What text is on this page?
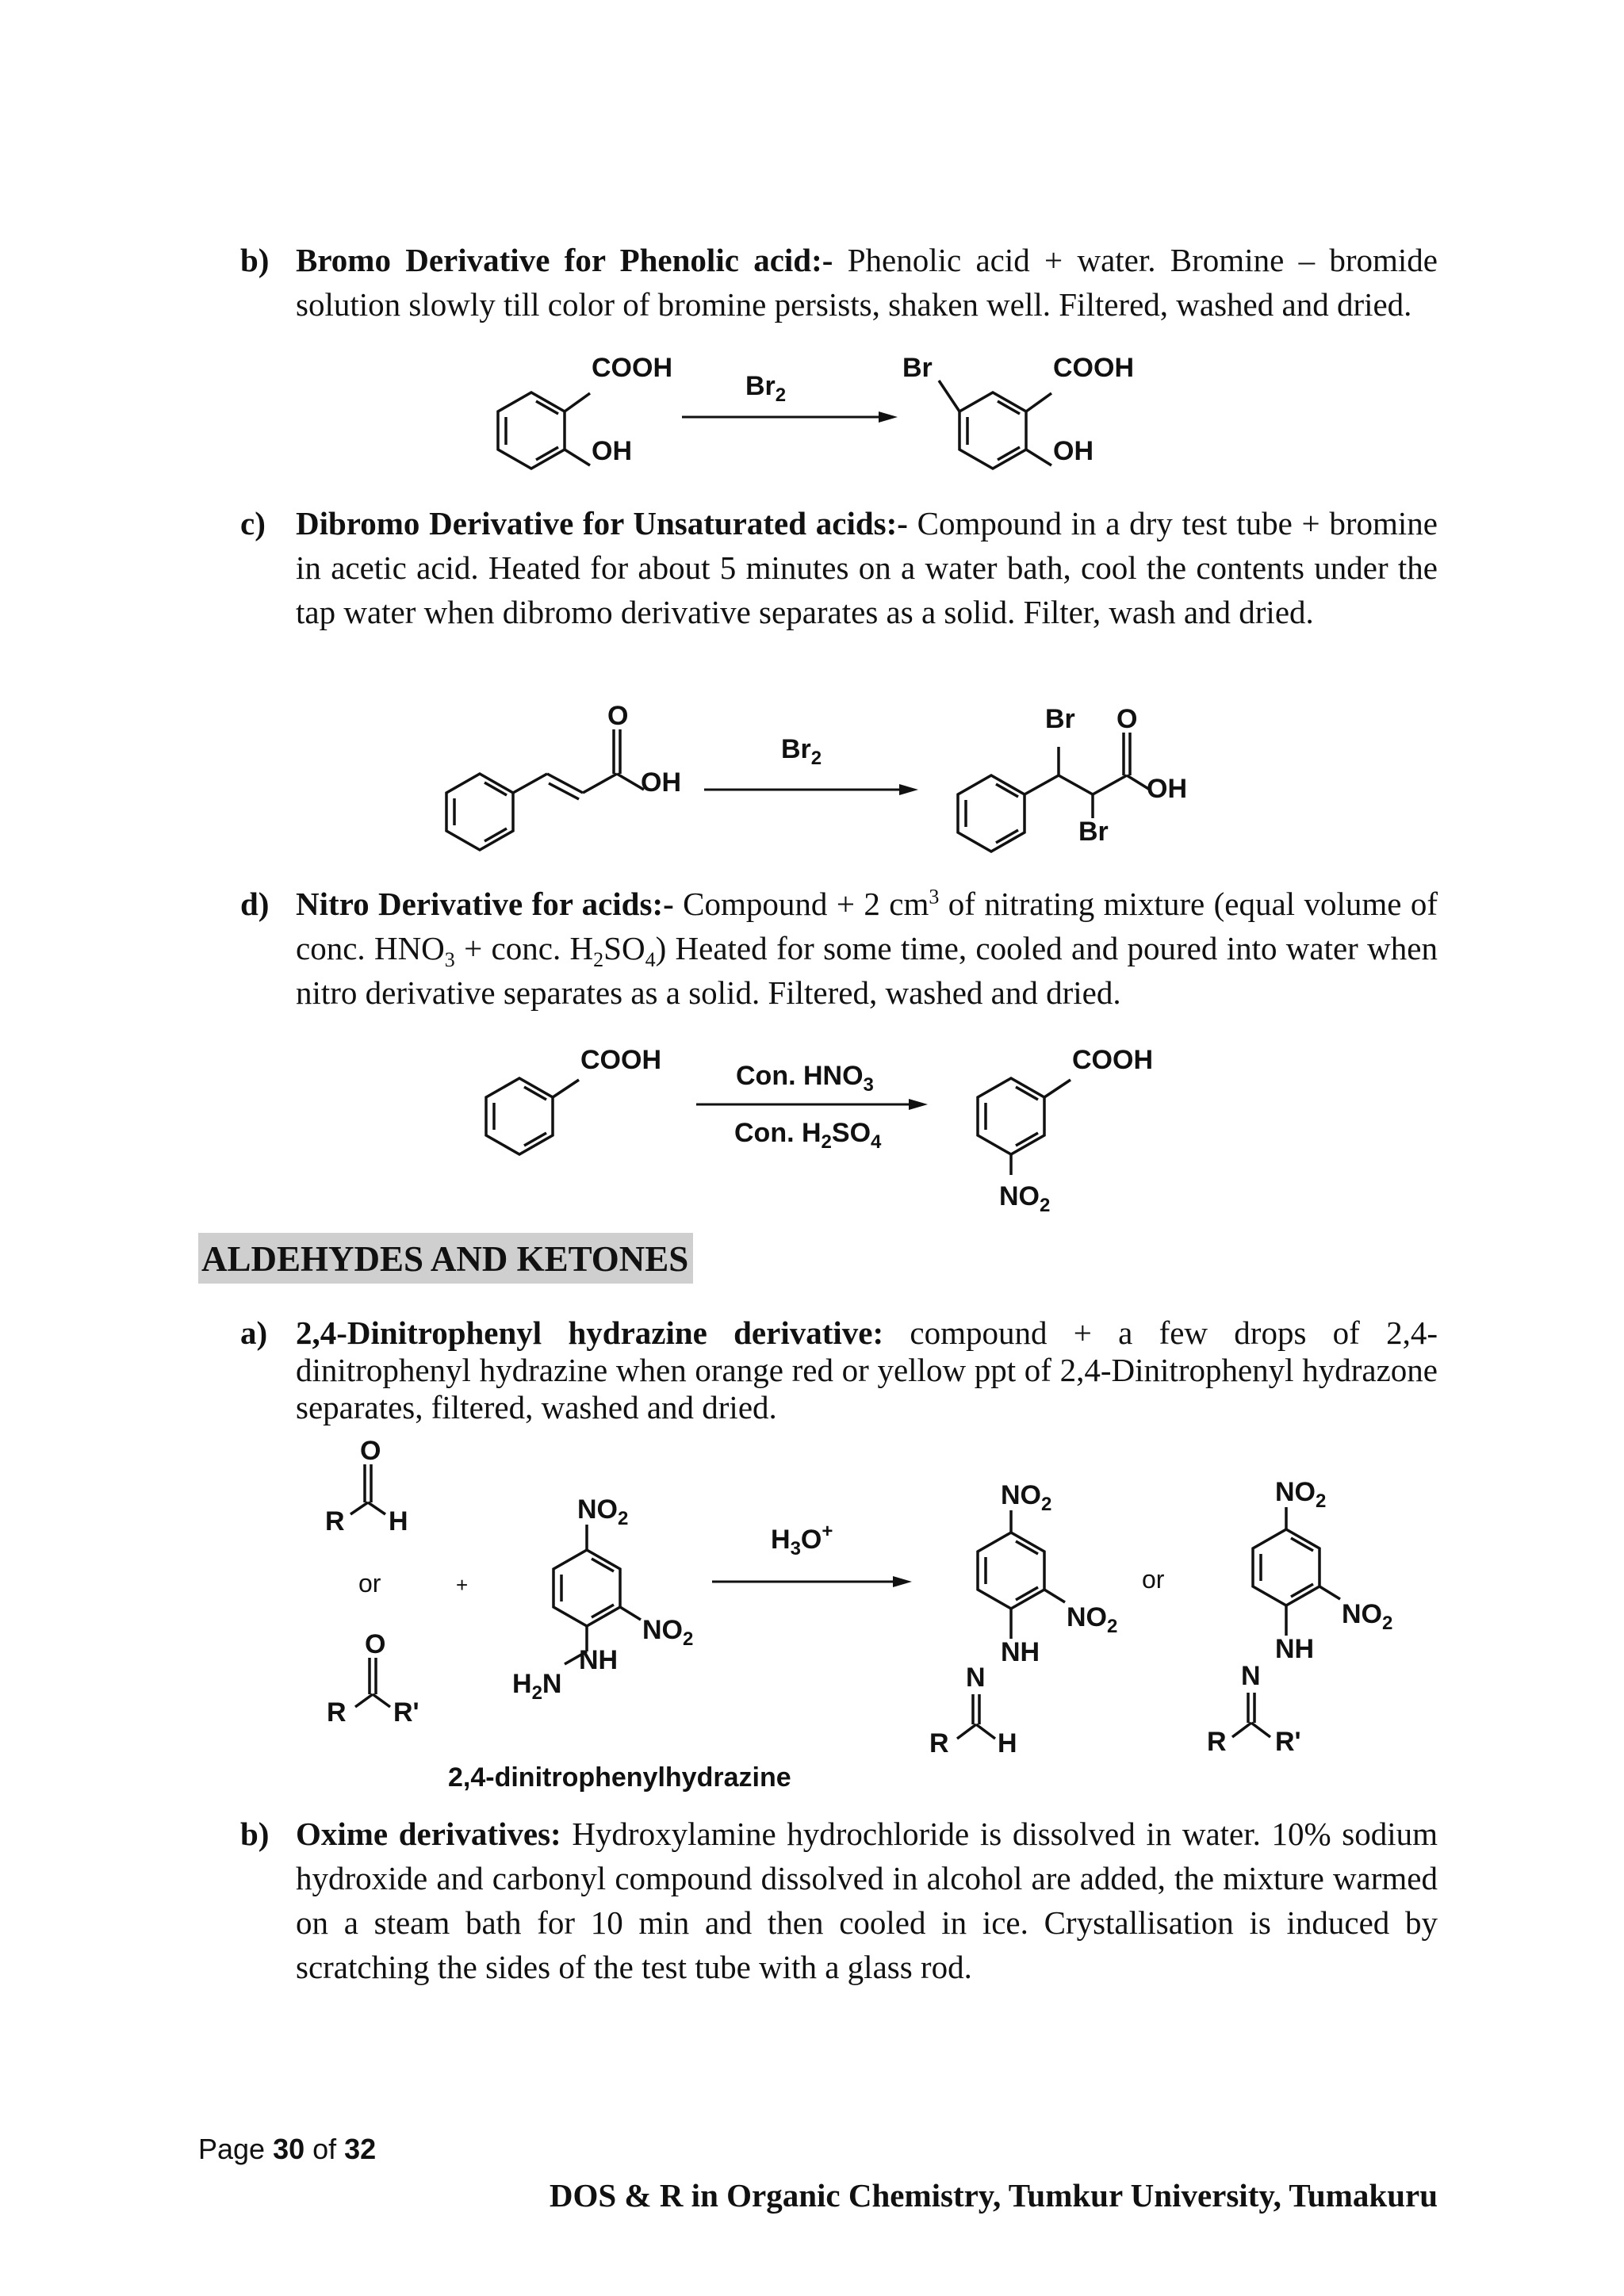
b) Bromo Derivative for Phenolic acid:- Phenolic acid + water. Bromine – bromide solution slowly till color of bromine persists, shaken well. Filtered, washed and dried.
COOH
OH
$Br_2$
Br	COOH
OH
c) Dibromo Derivative for Unsaturated acids:- Compound in a dry test tube + bromine in acetic acid. Heated for about 5 minutes on a water bath, cool the contents under the tap water when dibromo derivative separates as a solid. Filter, wash and dried.
O
OH
$Br_2$
Br O
OH
Br
d) Nitro Derivative for acids:- Compound + 2 $cm^3$ of nitrating mixture (equal volume of conc. $HNO_3$ + conc. $H_2SO_4$) Heated for some time, cooled and poured into water when nitro derivative separates as a solid. Filtered, washed and dried.
COOH
Con. $HNO_3$
Con. $H_2SO_4$
COOH
$NO_2$
ALDEHYDES AND KETONES
a) 2,4-Dinitrophenyl hydrazine derivative: compound + a few drops of 2,4-dinitrophenyl hydrazine when orange red or yellow ppt of 2,4-Dinitrophenyl hydrazone separates, filtered, washed and dried.
O
R H
or	+
O
R R'
$NO_2$
$NO_2$
NH
$H_2N$
2,4-dinitrophenylhydrazine
$H_3O^+$
$NO_2$
$NO_2$
NH
N
R H
or
$NO_2$
$NO_2$
NH
N
R R'
b) Oxime derivatives: Hydroxylamine hydrochloride is dissolved in water. 10% sodium hydroxide and carbonyl compound dissolved in alcohol are added, the mixture warmed on a steam bath for 10 min and then cooled in ice. Crystallisation is induced by scratching the sides of the test tube with a glass rod.
Page 30 of 32
DOS & R in Organic Chemistry, Tumkur University, Tumakuru
